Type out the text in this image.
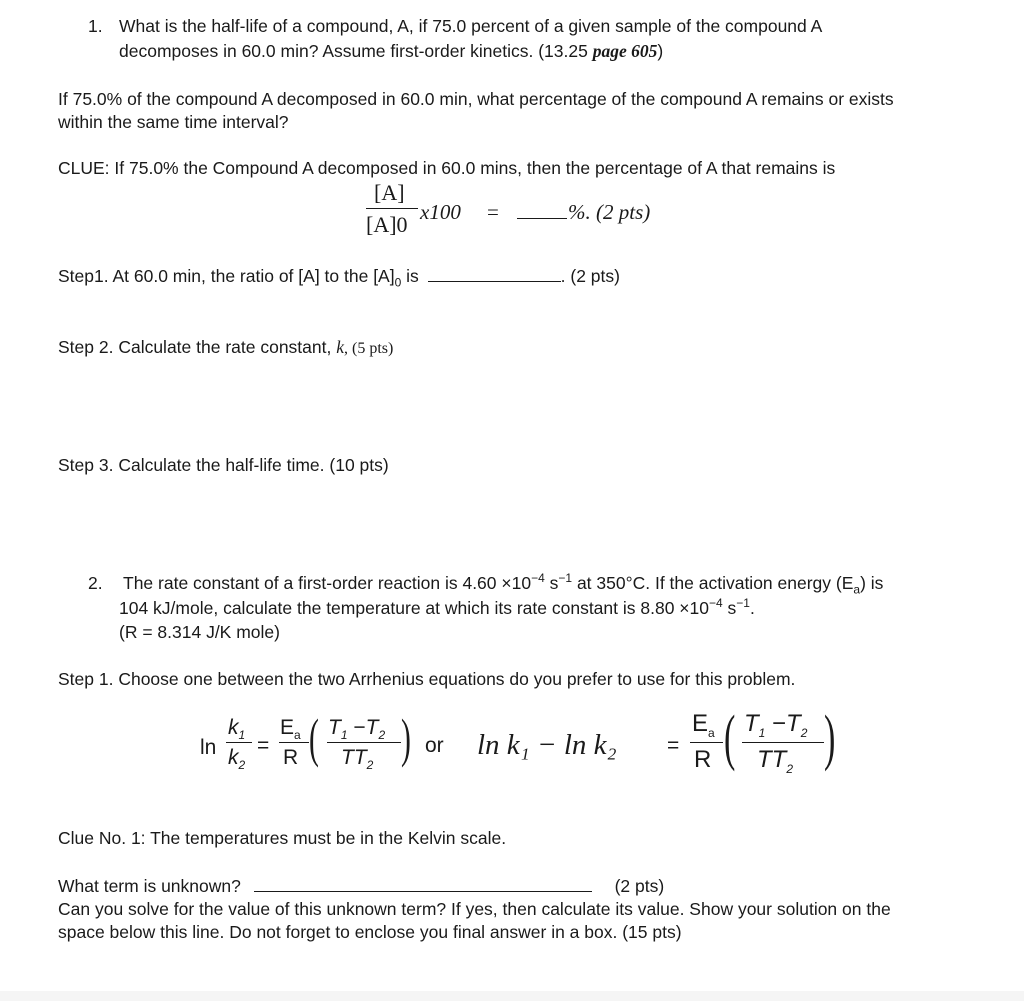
1. What is the half-life of a compound, A, if 75.0 percent of a given sample of the compound A
decomposes in 60.0 min? Assume first-order kinetics. (13.25 page 605)
If 75.0% of the compound A decomposed in 60.0 min, what percentage of the compound A remains or exists
within the same time interval?
CLUE: If 75.0% the Compound A decomposed in 60.0 mins, then the percentage of A that remains is
[A]
[A]0 x100 =	%. (2 pts)
Step1. At 60.0 min, the ratio of [A] to the $[A]_0$ is	. (2 pts)
Step 2. Calculate the rate constant, k, (5 pts)
Step 3. Calculate the half-life time. (10 pts)
2. The rate constant of a first-order reaction is $4.60 \times 10^{-4}$ $s^{-1}$ at 350°C. If the activation energy $(E_a)$ is
104 kJ/mole, calculate the temperature at which its rate constant is $8.80 \times 10^{-4}$ $s^{-1}$.
(R = 8.314 J/K mole)
Step 1. Choose one between the two Arrhenius equations do you prefer to use for this problem.
ln
$k_1$
$k_2$
=
$E_a$
R ( $T_1 -T_2$
$TT_2$ ) or ln k₁ − ln k₂ =
$E_a$
R ( $T_1 -T_2$
$TT_2$ )
Clue No. 1: The temperatures must be in the Kelvin scale.
What term is unknown?	(2 pts)
Can you solve for the value of this unknown term? If yes, then calculate its value. Show your solution on the
space below this line. Do not forget to enclose you final answer in a box. (15 pts)
